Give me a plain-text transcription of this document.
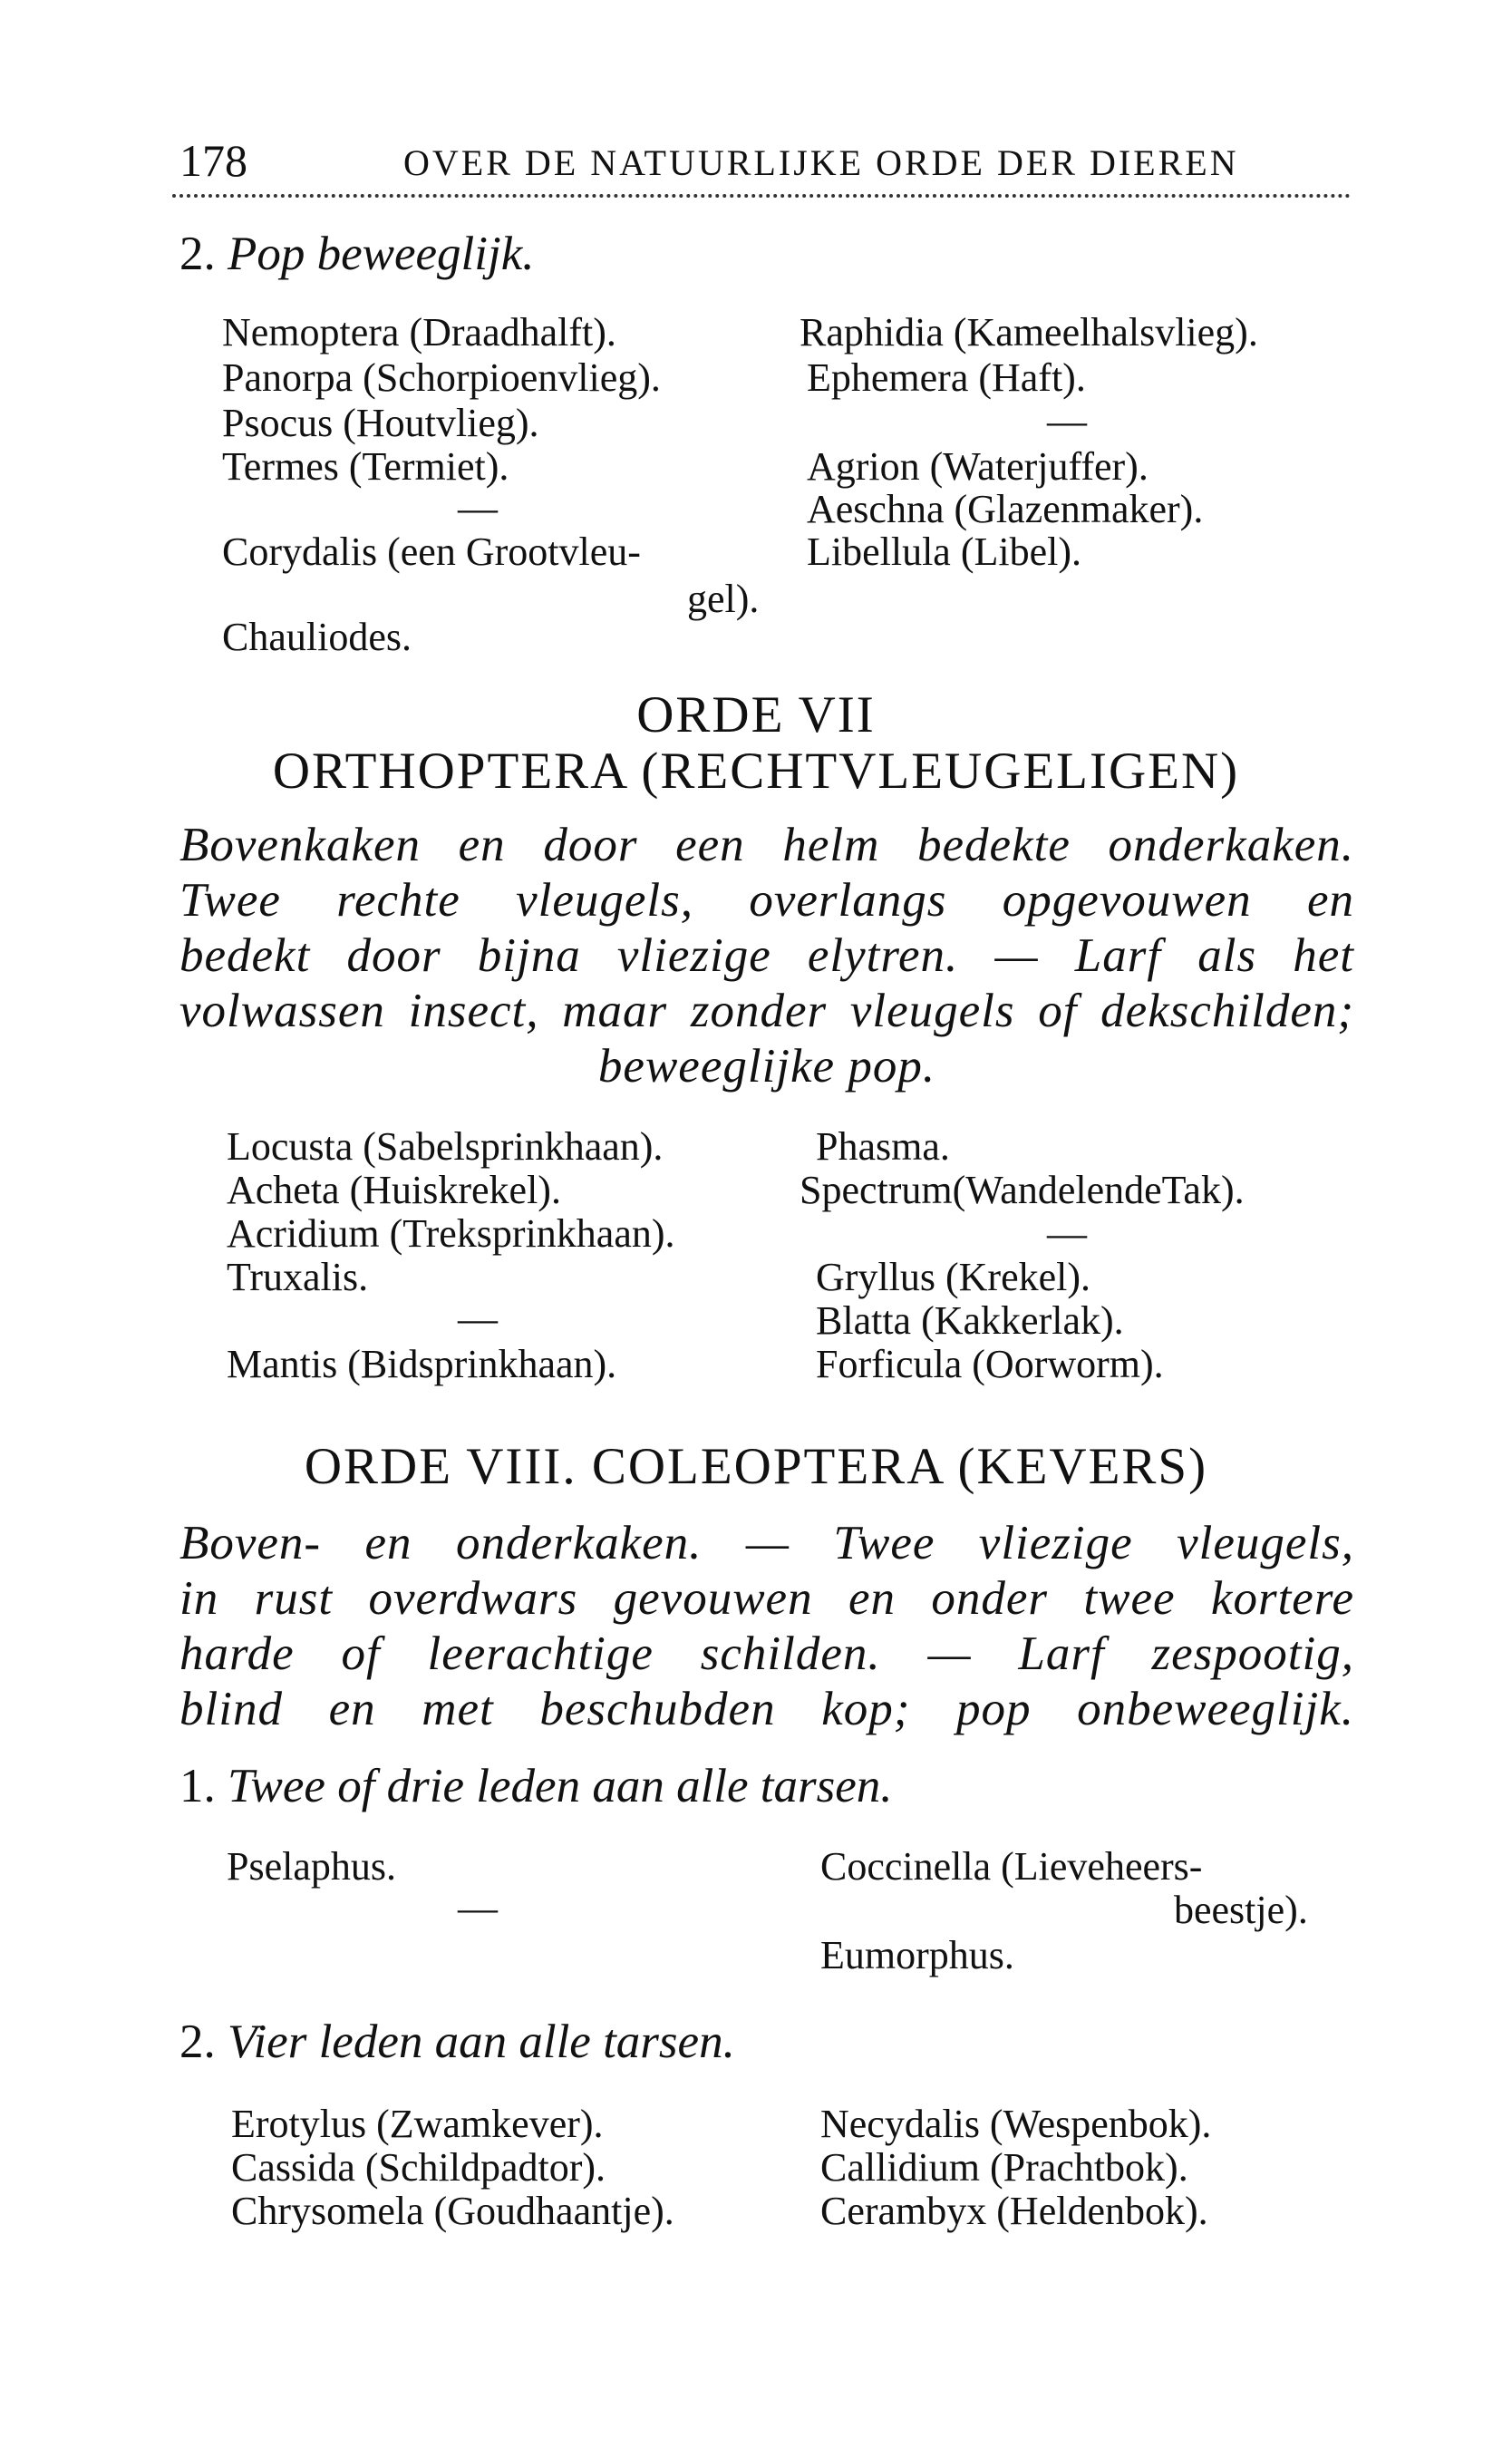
178	OVER DE NATUURLIJKE ORDE DER DIEREN
2. Pop beweeglijk.
Nemoptera (Draadhalft).
Panorpa (Schorpioenvlieg).
Psocus (Houtvlieg).
Termes (Termiet).
—
Corydalis (een Grootvleu-
gel).
Chauliodes.
Raphidia (Kameelhalsvlieg).
Ephemera (Haft).
—
Agrion (Waterjuffer).
Aeschna (Glazenmaker).
Libellula (Libel).
ORDE VII
ORTHOPTERA (RECHTVLEUGELIGEN)
Bovenkaken en door een helm bedekte onderkaken.
Twee rechte vleugels, overlangs opgevouwen en
bedekt door bijna vliezige elytren. — Larf als het
volwassen insect, maar zonder vleugels of dekschilden;
beweeglijke pop.
Locusta (Sabelsprinkhaan).
Acheta (Huiskrekel).
Acridium (Treksprinkhaan).
Truxalis.
—
Mantis (Bidsprinkhaan).
Phasma.
Spectrum(WandelendeTak).
—
Gryllus (Krekel).
Blatta (Kakkerlak).
Forficula (Oorworm).
ORDE VIII. COLEOPTERA (KEVERS)
Boven- en onderkaken. — Twee vliezige vleugels,
in rust overdwars gevouwen en onder twee kortere
harde of leerachtige schilden. — Larf zespootig,
blind en met beschubden kop; pop onbeweeglijk.
1. Twee of drie leden aan alle tarsen.
Pselaphus.
—
Coccinella (Lieveheers-
beestje).
Eumorphus.
2. Vier leden aan alle tarsen.
Erotylus (Zwamkever).
Cassida (Schildpadtor).
Chrysomela (Goudhaantje).
Necydalis (Wespenbok).
Callidium (Prachtbok).
Cerambyx (Heldenbok).
